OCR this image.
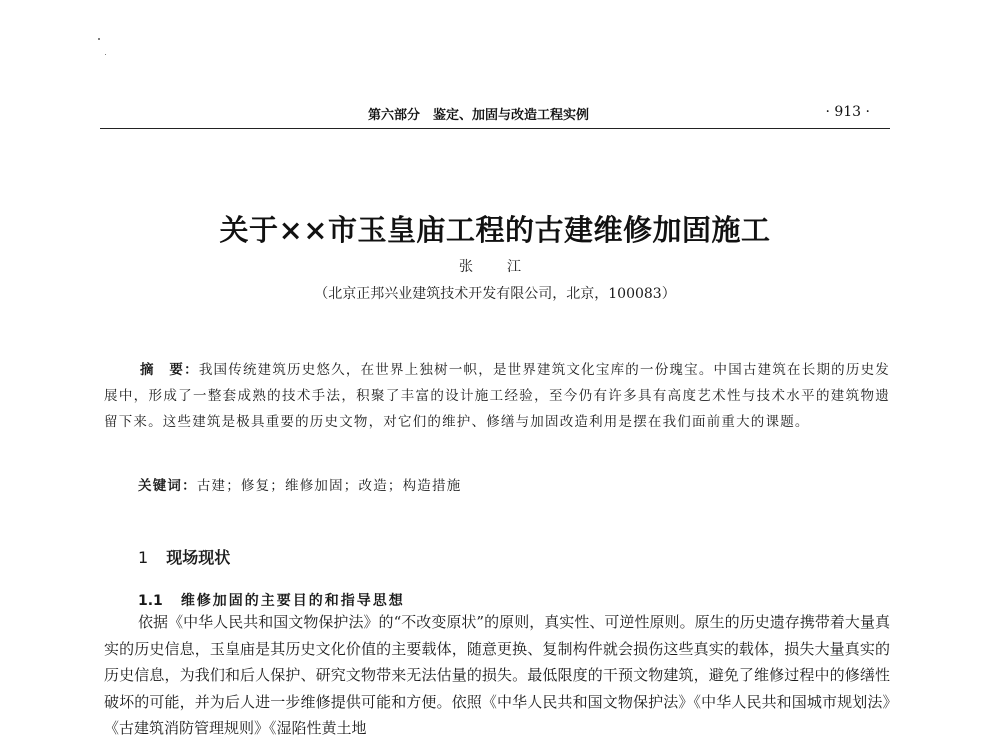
第六部分　鉴定、加固与改造工程实例	· 913 ·
关于××市玉皇庙工程的古建维修加固施工
张　江
（北京正邦兴业建筑技术开发有限公司，北京，100083）
摘　要：我国传统建筑历史悠久，在世界上独树一帜，是世界建筑文化宝库的一份瑰宝。中国古建筑在长期的历史发展中，形成了一整套成熟的技术手法，积聚了丰富的设计施工经验，至今仍有许多具有高度艺术性与技术水平的建筑物遗留下来。这些建筑是极具重要的历史文物，对它们的维护、修缮与加固改造利用是摆在我们面前重大的课题。
关键词：古建；修复；维修加固；改造；构造措施
1 现场现状
1.1 维修加固的主要目的和指导思想

依据《中华人民共和国文物保护法》的“不改变原状”的原则，真实性、可逆性原则。原生的历史遗存携带着大量真实的历史信息，玉皇庙是其历史文化价值的主要载体，随意更换、复制构件就会损伤这些真实的载体，损失大量真实的历史信息，为我们和后人保护、研究文物带来无法估量的损失。最低限度的干预文物建筑，避免了维修过程中的修缮性破坏的可能，并为后人进一步维修提供可能和方便。依照《中华人民共和国文物保护法》《中华人民共和国城市规划法》《古建筑消防管理规则》《湿陷性黄土地
